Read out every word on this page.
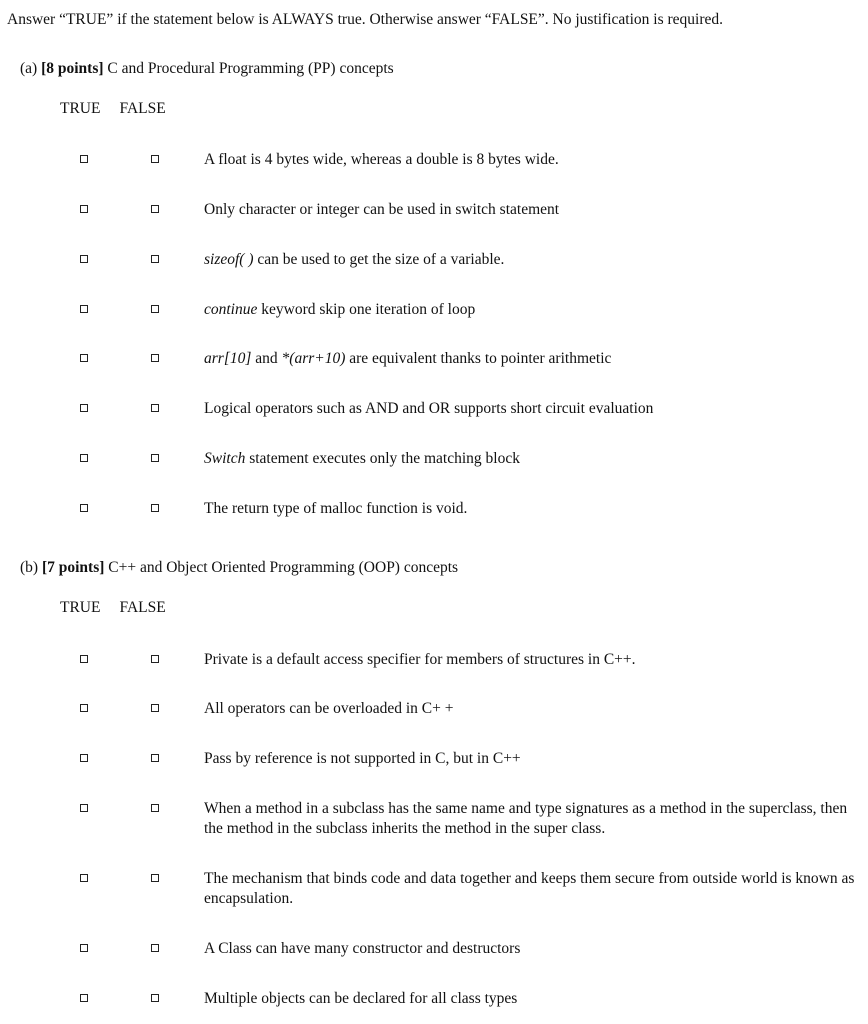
Answer “TRUE” if the statement below is ALWAYS true. Otherwise answer “FALSE”. No justification is required.
(a) [8 points] C and Procedural Programming (PP) concepts
TRUE FALSE
A float is 4 bytes wide, whereas a double is 8 bytes wide.
Only character or integer can be used in switch statement
sizeof( ) can be used to get the size of a variable.
continue keyword skip one iteration of loop
arr[10] and *(arr+10) are equivalent thanks to pointer arithmetic
Logical operators such as AND and OR supports short circuit evaluation
Switch statement executes only the matching block
The return type of malloc function is void.
(b) [7 points] C++ and Object Oriented Programming (OOP) concepts
TRUE FALSE
Private is a default access specifier for members of structures in C++.
All operators can be overloaded in C+ +
Pass by reference is not supported in C, but in C++
When a method in a subclass has the same name and type signatures as a method in the superclass, then the method in the subclass inherits the method in the super class.
The mechanism that binds code and data together and keeps them secure from outside world is known as encapsulation.
A Class can have many constructor and destructors
Multiple objects can be declared for all class types
